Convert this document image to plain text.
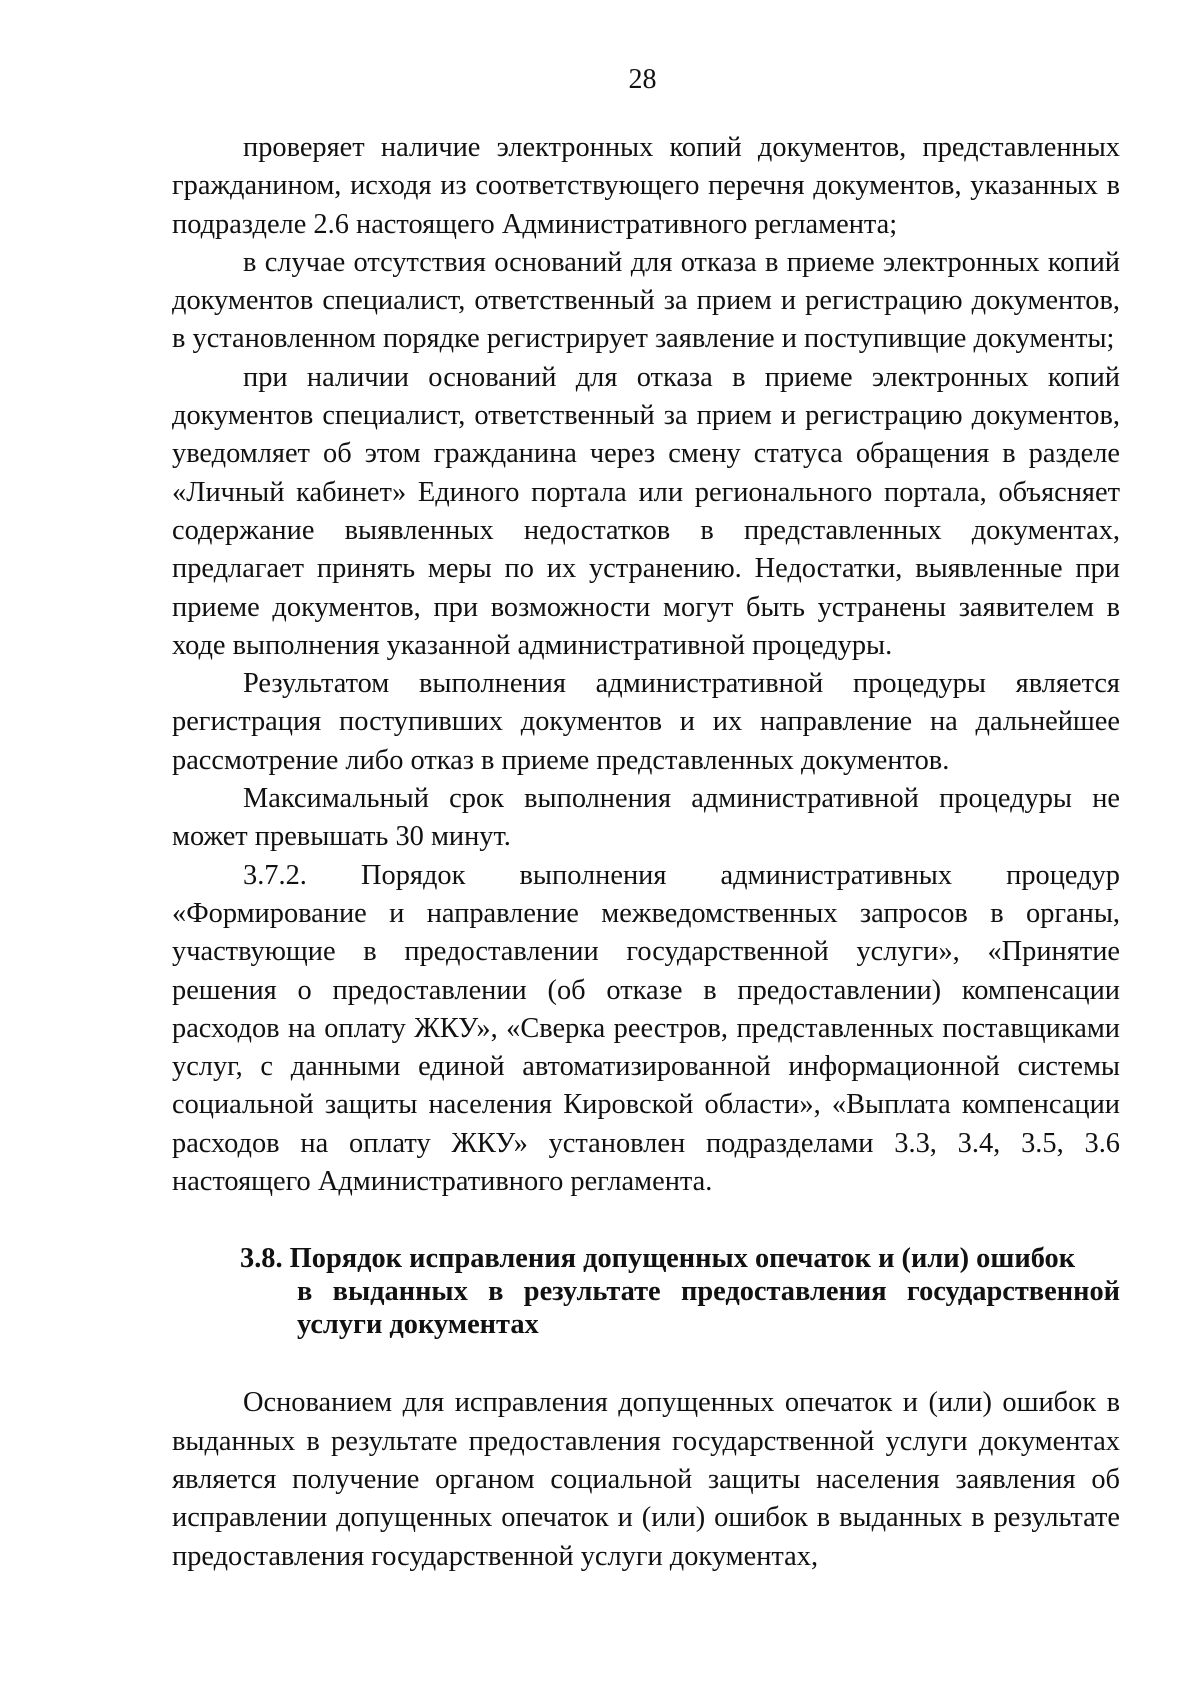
28

проверяет наличие электронных копий документов, представленных гражданином, исходя из соответствующего перечня документов, указанных в подразделе 2.6 настоящего Административного регламента;

в случае отсутствия оснований для отказа в приеме электронных копий документов специалист, ответственный за прием и регистрацию документов, в установленном порядке регистрирует заявление и поступивщие документы;

при наличии оснований для отказа в приеме электронных копий документов специалист, ответственный за прием и регистрацию документов, уведомляет об этом гражданина через смену статуса обращения в разделе «Личный кабинет» Единого портала или регионального портала, объясняет содержание выявленных недостатков в представленных документах, предлагает принять меры по их устранению. Недостатки, выявленные при приеме документов, при возможности могут быть устранены заявителем в ходе выполнения указанной административной процедуры.

Результатом выполнения административной процедуры является регистрация поступивших документов и их направление на дальнейшее рассмотрение либо отказ в приеме представленных документов.

Максимальный срок выполнения административной процедуры не может превышать 30 минут.

3.7.2. Порядок выполнения административных процедур «Формирование и направление межведомственных запросов в органы, участвующие в предоставлении государственной услуги», «Принятие решения о предоставлении (об отказе в предоставлении) компенсации расходов на оплату ЖКУ», «Сверка реестров, представленных поставщиками услуг, с данными единой автоматизированной информационной системы социальной защиты населения Кировской области», «Выплата компенсации расходов на оплату ЖКУ» установлен подразделами 3.3, 3.4, 3.5, 3.6 настоящего Административного регламента.

3.8. Порядок исправления допущенных опечаток и (или) ошибок
в выданных в результате предоставления государственной услуги документах

Основанием для исправления допущенных опечаток и (или) ошибок в выданных в результате предоставления государственной услуги документах является получение органом социальной защиты населения заявления об исправлении допущенных опечаток и (или) ошибок в выданных в результате предоставления государственной услуги документах,
